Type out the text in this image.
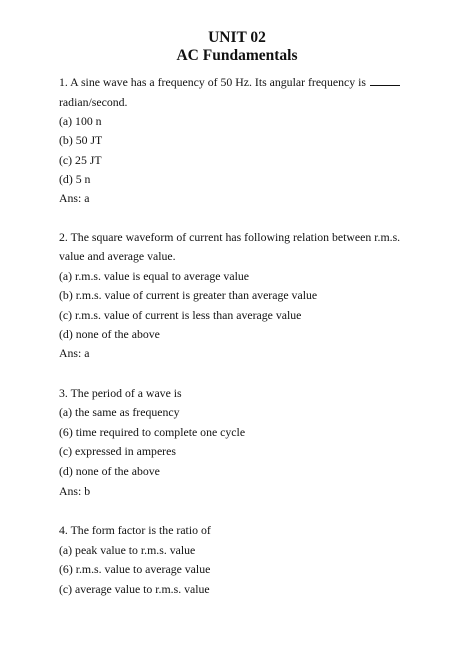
UNIT 02

AC Fundamentals

1. A sine wave has a frequency of 50 Hz. Its angular frequency is

radian/second.

(a) 100 n

(b) 50 JT

(c) 25 JT

(d) 5 n

Ans: a

2. The square waveform of current has following relation between r.m.s.

value and average value.

(a) r.m.s. value is equal to average value

(b) r.m.s. value of current is greater than average value

(c) r.m.s. value of current is less than average value

(d) none of the above

Ans: a

3. The period of a wave is

(a) the same as frequency

(6) time required to complete one cycle

(c) expressed in amperes

(d) none of the above

Ans: b

4. The form factor is the ratio of

(a) peak value to r.m.s. value

(6) r.m.s. value to average value

(c) average value to r.m.s. value
